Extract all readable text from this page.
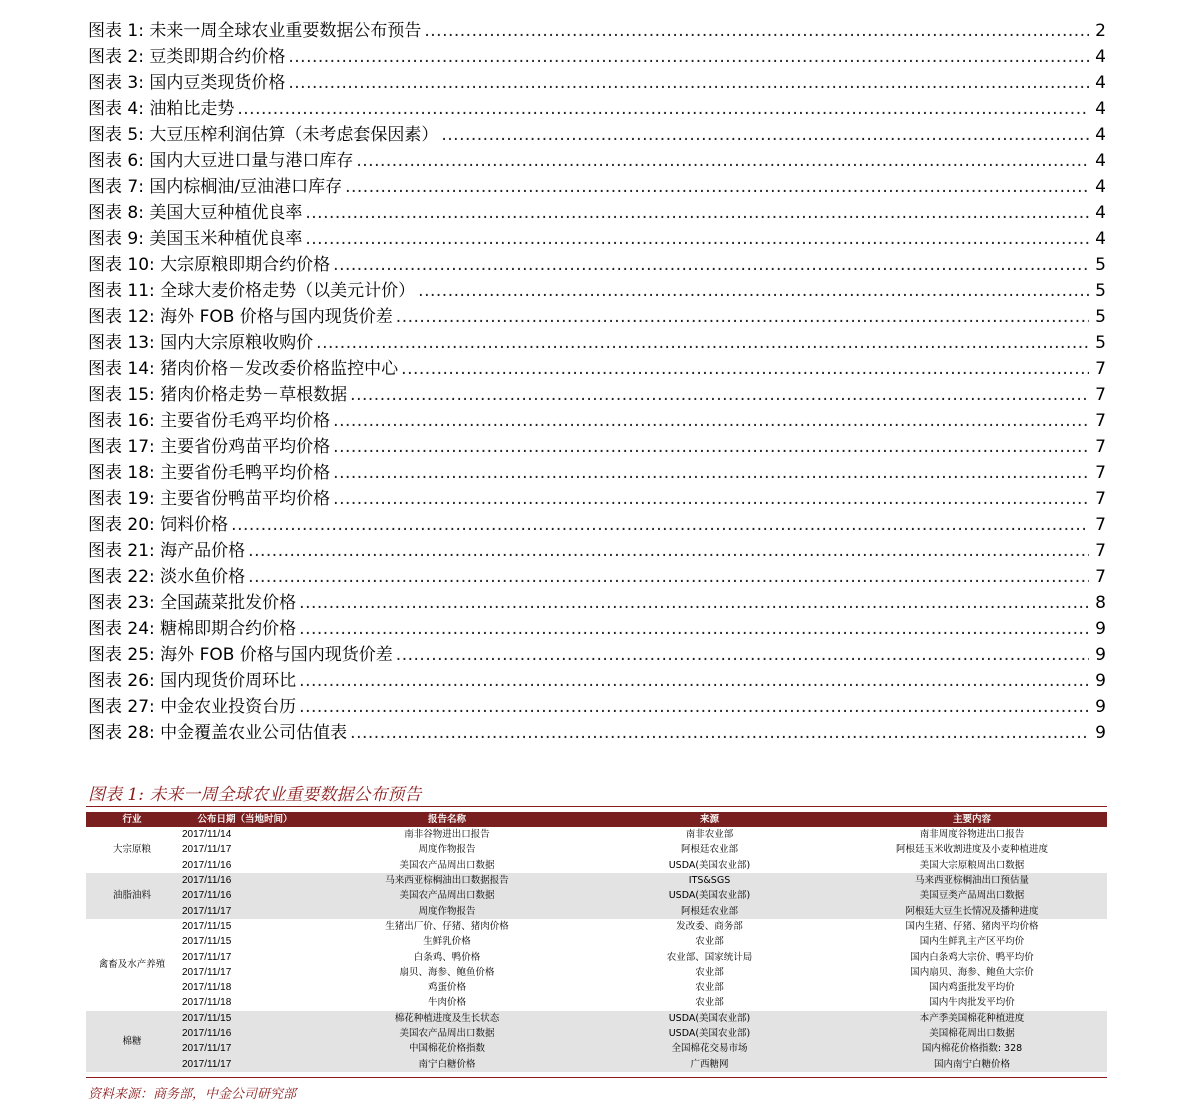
图表 1: 未来一周全球农业重要数据公布预告 .....	2
图表 2: 豆类即期合约价格 .....	4
图表 3: 国内豆类现货价格 .....	4
图表 4: 油粕比走势 .....	4
图表 5: 大豆压榨利润估算（未考虑套保因素） .....	4
图表 6: 国内大豆进口量与港口库存 .....	4
图表 7: 国内棕榈油/豆油港口库存 .....	4
图表 8: 美国大豆种植优良率 .....	4
图表 9: 美国玉米种植优良率 .....	4
图表 10: 大宗原粮即期合约价格 .....	5
图表 11: 全球大麦价格走势（以美元计价） .....	5
图表 12: 海外 FOB 价格与国内现货价差 .....	5
图表 13: 国内大宗原粮收购价 .....	5
图表 14: 猪肉价格－发改委价格监控中心 .....	7
图表 15: 猪肉价格走势－草根数据 .....	7
图表 16: 主要省份毛鸡平均价格 .....	7
图表 17: 主要省份鸡苗平均价格 .....	7
图表 18: 主要省份毛鸭平均价格 .....	7
图表 19: 主要省份鸭苗平均价格 .....	7
图表 20: 饲料价格 .....	7
图表 21: 海产品价格 .....	7
图表 22: 淡水鱼价格 .....	7
图表 23: 全国蔬菜批发价格 .....	8
图表 24: 糖棉即期合约价格 .....	9
图表 25: 海外 FOB 价格与国内现货价差 .....	9
图表 26: 国内现货价周环比 .....	9
图表 27: 中金农业投资台历 .....	9
图表 28: 中金覆盖农业公司估值表 .....	9
图表 1: 未来一周全球农业重要数据公布预告
行业	公布日期（当地时间）	报告名称	来源	主要内容
大宗原粮	2017/11/14	南非谷物进出口报告	南非农业部	南非周度谷物进出口报告
	2017/11/17	周度作物报告	阿根廷农业部	阿根廷玉米收割进度及小麦种植进度
	2017/11/16	美国农产品周出口数据	USDA(美国农业部)	美国大宗原粮周出口数据
油脂油料	2017/11/16	马来西亚棕榈油出口数据报告	ITS&SGS	马来西亚棕榈油出口预估量
	2017/11/16	美国农产品周出口数据	USDA(美国农业部)	美国豆类产品周出口数据
	2017/11/17	周度作物报告	阿根廷农业部	阿根廷大豆生长情况及播种进度
禽畜及水产养殖	2017/11/15	生猪出厂价、仔猪、猪肉价格	发改委、商务部	国内生猪、仔猪、猪肉平均价格
	2017/11/15	生鲜乳价格	农业部	国内生鲜乳主产区平均价
	2017/11/17	白条鸡、鸭价格	农业部、国家统计局	国内白条鸡大宗价、鸭平均价
	2017/11/17	扇贝、海参、鲍鱼价格	农业部	国内扇贝、海参、鲍鱼大宗价
	2017/11/18	鸡蛋价格	农业部	国内鸡蛋批发平均价
	2017/11/18	牛肉价格	农业部	国内牛肉批发平均价
棉糖	2017/11/15	棉花种植进度及生长状态	USDA(美国农业部)	本产季美国棉花种植进度
	2017/11/16	美国农产品周出口数据	USDA(美国农业部)	美国棉花周出口数据
	2017/11/17	中国棉花价格指数	全国棉花交易市场	国内棉花价格指数: 328
	2017/11/17	南宁白糖价格	广西糖网	国内南宁白糖价格
资料来源：商务部，中金公司研究部
